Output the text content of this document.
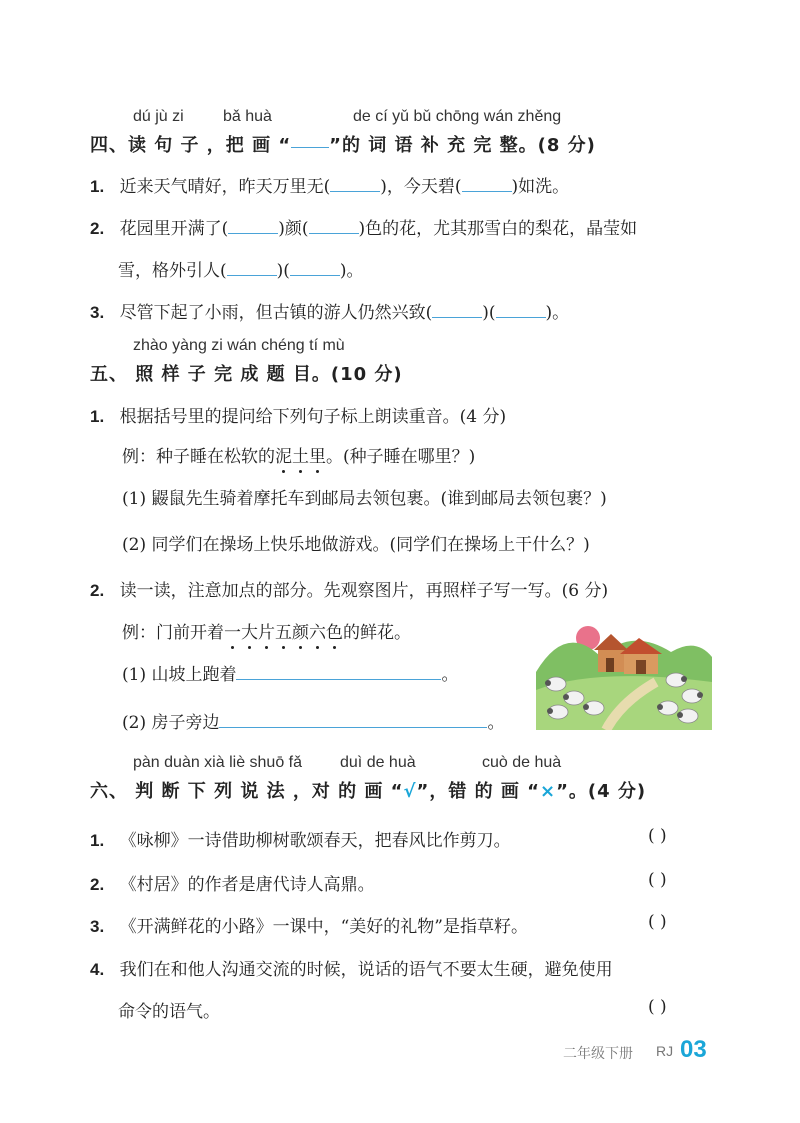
dú jù zi bǎ huà	de cí yǔ bǔ chōng wán zhěng
四、读 句 子 ，把 画 “ ”的 词 语 补 充 完 整。(8 分)
1. 近来天气晴好，昨天万里无(	)，今天碧(	)如洗。
2. 花园里开满了(	)颜(	)色的花，尤其那雪白的梨花，晶莹如
雪，格外引人(	)(	)。
3. 尽管下起了小雨，但古镇的游人仍然兴致(	)(	)。
zhào yàng zi wán chéng tí mù
五、 照 样 子 完 成 题 目。(10 分)
1. 根据括号里的提问给下列句子标上朗读重音。(4 分)
例：种子睡在松软的泥土里。(种子睡在哪里？)
(1) 鼹鼠先生骑着摩托车到邮局去领包裹。(谁到邮局去领包裹？)
(2) 同学们在操场上快乐地做游戏。(同学们在操场上干什么？)
2. 读一读，注意加点的部分。先观察图片，再照样子写一写。(6 分)
例：门前开着一大片五颜六色的鲜花。
(1) 山坡上跑着	。
(2) 房子旁边	。
pàn duàn xià liè shuō fǎ duì de huà	cuò de huà
六、 判 断 下 列 说 法 ，对 的 画 “√”，错 的 画 “×”。(4 分)
1. 《咏柳》一诗借助柳树歌颂春天，把春风比作剪刀。	( )
2. 《村居》的作者是唐代诗人高鼎。	( )
3. 《开满鲜花的小路》一课中，“美好的礼物”是指草籽。	( )
4. 我们在和他人沟通交流的时候，说话的语气不要太生硬，避免使用
命令的语气。	( )
二年级下册 RJ 03
